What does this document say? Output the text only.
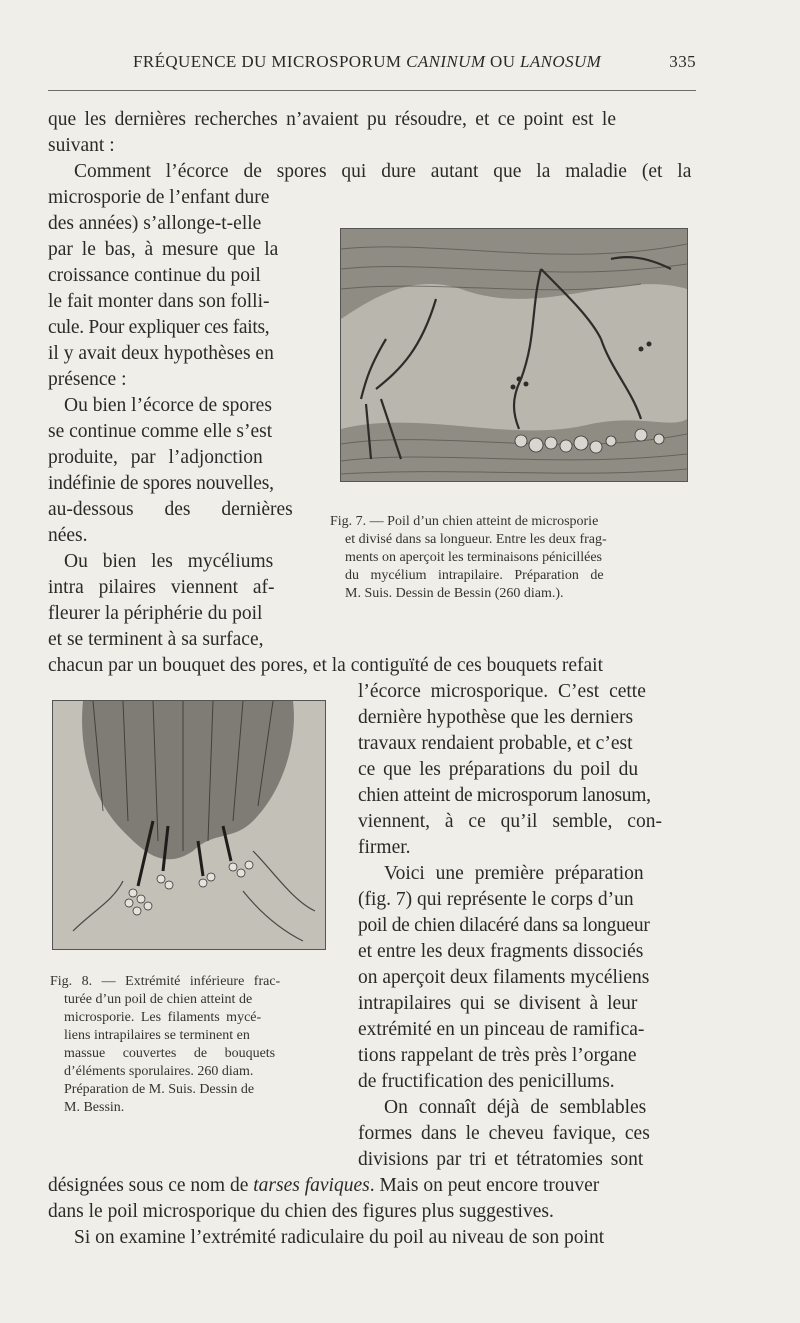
FRÉQUENCE DU MICROSPORUM CANINUM OU LANOSUM	335
que les dernières recherches n’avaient pu résoudre, et ce point est le
suivant :
Comment l’écorce de spores qui dure autant que la maladie (et la
microsporie de l’enfant dure
des années) s’allonge-t-elle
par le bas, à mesure que la
croissance continue du poil
le fait monter dans son folli-
cule. Pour expliquer ces faits,
il y avait deux hypothèses en
présence :
Ou bien l’écorce de spores
se continue comme elle s’est
produite, par l’adjonction
indéfinie de spores nouvelles,
au-dessous des dernières
nées.
Ou bien les mycéliums
intra pilaires viennent af-
fleurer la périphérie du poil
et se terminent à sa surface,
chacun par un bouquet des pores, et la contiguïté de ces bouquets refait
Fig. 7. — Poil d’un chien atteint de microsporie
et divisé dans sa longueur. Entre les deux frag-
ments on aperçoit les terminaisons pénicillées
du mycélium intrapilaire. Préparation de
M. Suis. Dessin de Bessin (260 diam.).
Fig. 8. — Extrémité inférieure frac-
turée d’un poil de chien atteint de
microsporie. Les filaments mycé-
liens intrapilaires se terminent en
massue couvertes de bouquets
d’éléments sporulaires. 260 diam.
Préparation de M. Suis. Dessin de
M. Bessin.
l’écorce microsporique. C’est cette
dernière hypothèse que les derniers
travaux rendaient probable, et c’est
ce que les préparations du poil du
chien atteint de microsporum lanosum,
viennent, à ce qu’il semble, con-
firmer.
Voici une première préparation
(fig. 7) qui représente le corps d’un
poil de chien dilacéré dans sa longueur
et entre les deux fragments dissociés
on aperçoit deux filaments mycéliens
intrapilaires qui se divisent à leur
extrémité en un pinceau de ramifica-
tions rappelant de très près l’organe
de fructification des penicillums.
On connaît déjà de semblables
formes dans le cheveu favique, ces
divisions par tri et tétratomies sont
désignées sous ce nom de tarses faviques. Mais on peut encore trouver
dans le poil microsporique du chien des figures plus suggestives.
Si on examine l’extrémité radiculaire du poil au niveau de son point
